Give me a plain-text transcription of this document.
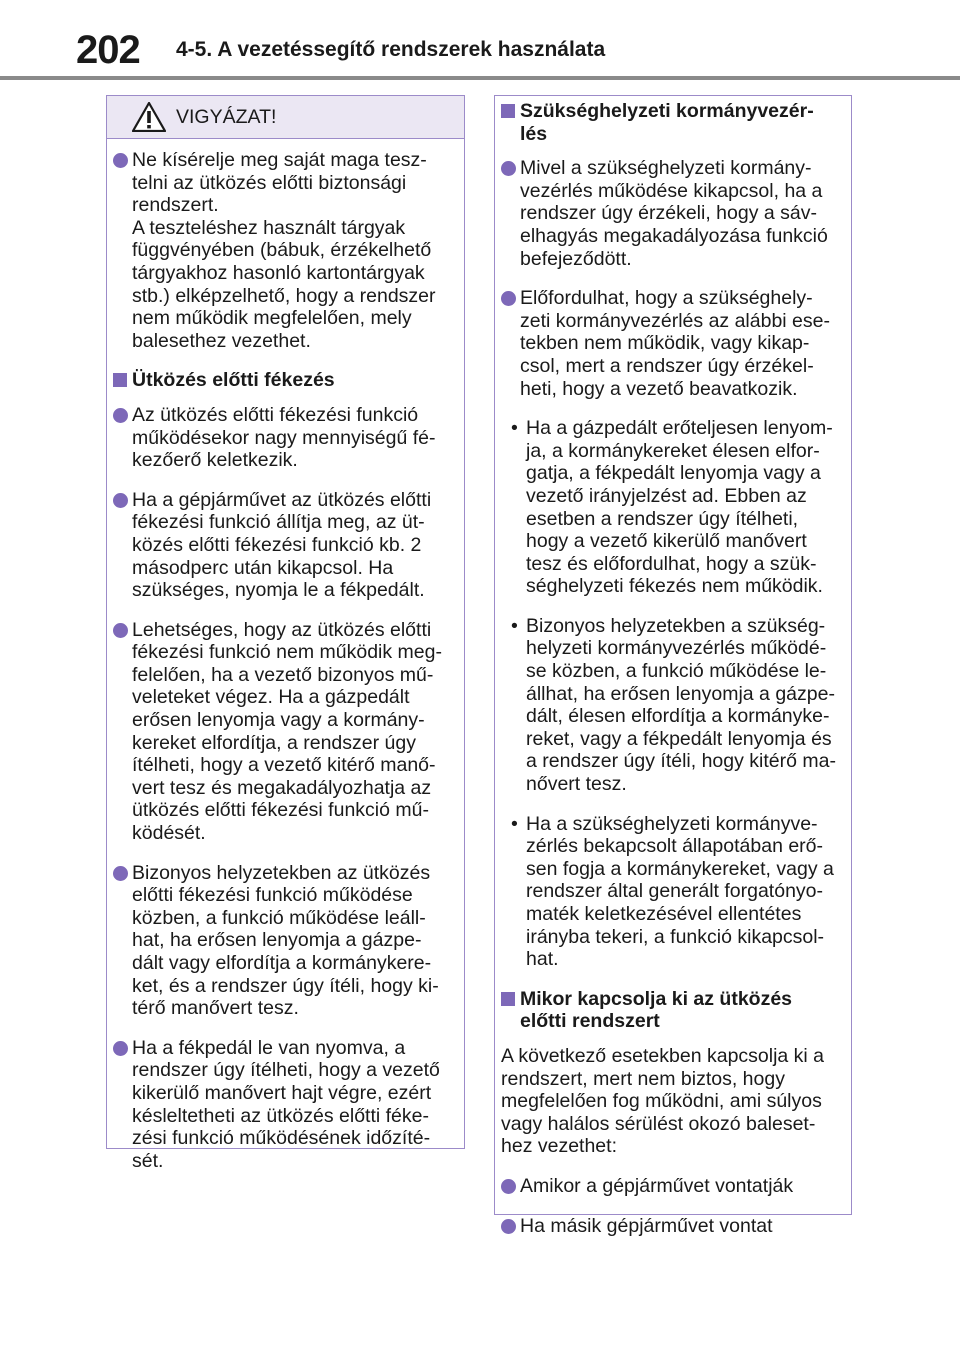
202 4-5. A vezetéssegítő rendszerek használata
VIGYÁZAT!
Ne kísérelje meg saját maga tesz-
telni az ütközés előtti biztonsági
rendszert.
A teszteléshez használt tárgyak
függvényében (bábuk, érzékelhető
tárgyakhoz hasonló kartontárgyak
stb.) elképzelhető, hogy a rendszer
nem működik megfelelően, mely
balesethez vezethet.
Ütközés előtti fékezés
Az ütközés előtti fékezési funkció
működésekor nagy mennyiségű fé-
kezőerő keletkezik.
Ha a gépjárművet az ütközés előtti
fékezési funkció állítja meg, az üt-
közés előtti fékezési funkció kb. 2
másodperc után kikapcsol. Ha
szükséges, nyomja le a fékpedált.
Lehetséges, hogy az ütközés előtti
fékezési funkció nem működik meg-
felelően, ha a vezető bizonyos mű-
veleteket végez. Ha a gázpedált
erősen lenyomja vagy a kormány-
kereket elfordítja, a rendszer úgy
ítélheti, hogy a vezető kitérő manő-
vert tesz és megakadályozhatja az
ütközés előtti fékezési funkció mű-
ködését.
Bizonyos helyzetekben az ütközés
előtti fékezési funkció működése
közben, a funkció működése leáll-
hat, ha erősen lenyomja a gázpe-
dált vagy elfordítja a kormánykere-
ket, és a rendszer úgy ítéli, hogy ki-
térő manővert tesz.
Ha a fékpedál le van nyomva, a
rendszer úgy ítélheti, hogy a vezető
kikerülő manővert hajt végre, ezért
késleltetheti az ütközés előtti féke-
zési funkció működésének időzíté-
sét.
Szükséghelyzeti kormányvezér-
lés
Mivel a szükséghelyzeti kormány-
vezérlés működése kikapcsol, ha a
rendszer úgy érzékeli, hogy a sáv-
elhagyás megakadályozása funkció
befejeződött.
Előfordulhat, hogy a szükséghely-
zeti kormányvezérlés az alábbi ese-
tekben nem működik, vagy kikap-
csol, mert a rendszer úgy érzékel-
heti, hogy a vezető beavatkozik.
• Ha a gázpedált erőteljesen lenyom-
ja, a kormánykereket élesen elfor-
gatja, a fékpedált lenyomja vagy a
vezető irányjelzést ad. Ebben az
esetben a rendszer úgy ítélheti,
hogy a vezető kikerülő manővert
tesz és előfordulhat, hogy a szük-
séghelyzeti fékezés nem működik.
• Bizonyos helyzetekben a szükség-
helyzeti kormányvezérlés működé-
se közben, a funkció működése le-
állhat, ha erősen lenyomja a gázpe-
dált, élesen elfordítja a kormányke-
reket, vagy a fékpedált lenyomja és
a rendszer úgy ítéli, hogy kitérő ma-
nővert tesz.
• Ha a szükséghelyzeti kormányve-
zérlés bekapcsolt állapotában erő-
sen fogja a kormánykereket, vagy a
rendszer által generált forgatónyo-
maték keletkezésével ellentétes
irányba tekeri, a funkció kikapcsol-
hat.
Mikor kapcsolja ki az ütközés
előtti rendszert
A következő esetekben kapcsolja ki a
rendszert, mert nem biztos, hogy
megfelelően fog működni, ami súlyos
vagy halálos sérülést okozó baleset-
hez vezethet:
Amikor a gépjárművet vontatják
Ha másik gépjárművet vontat
